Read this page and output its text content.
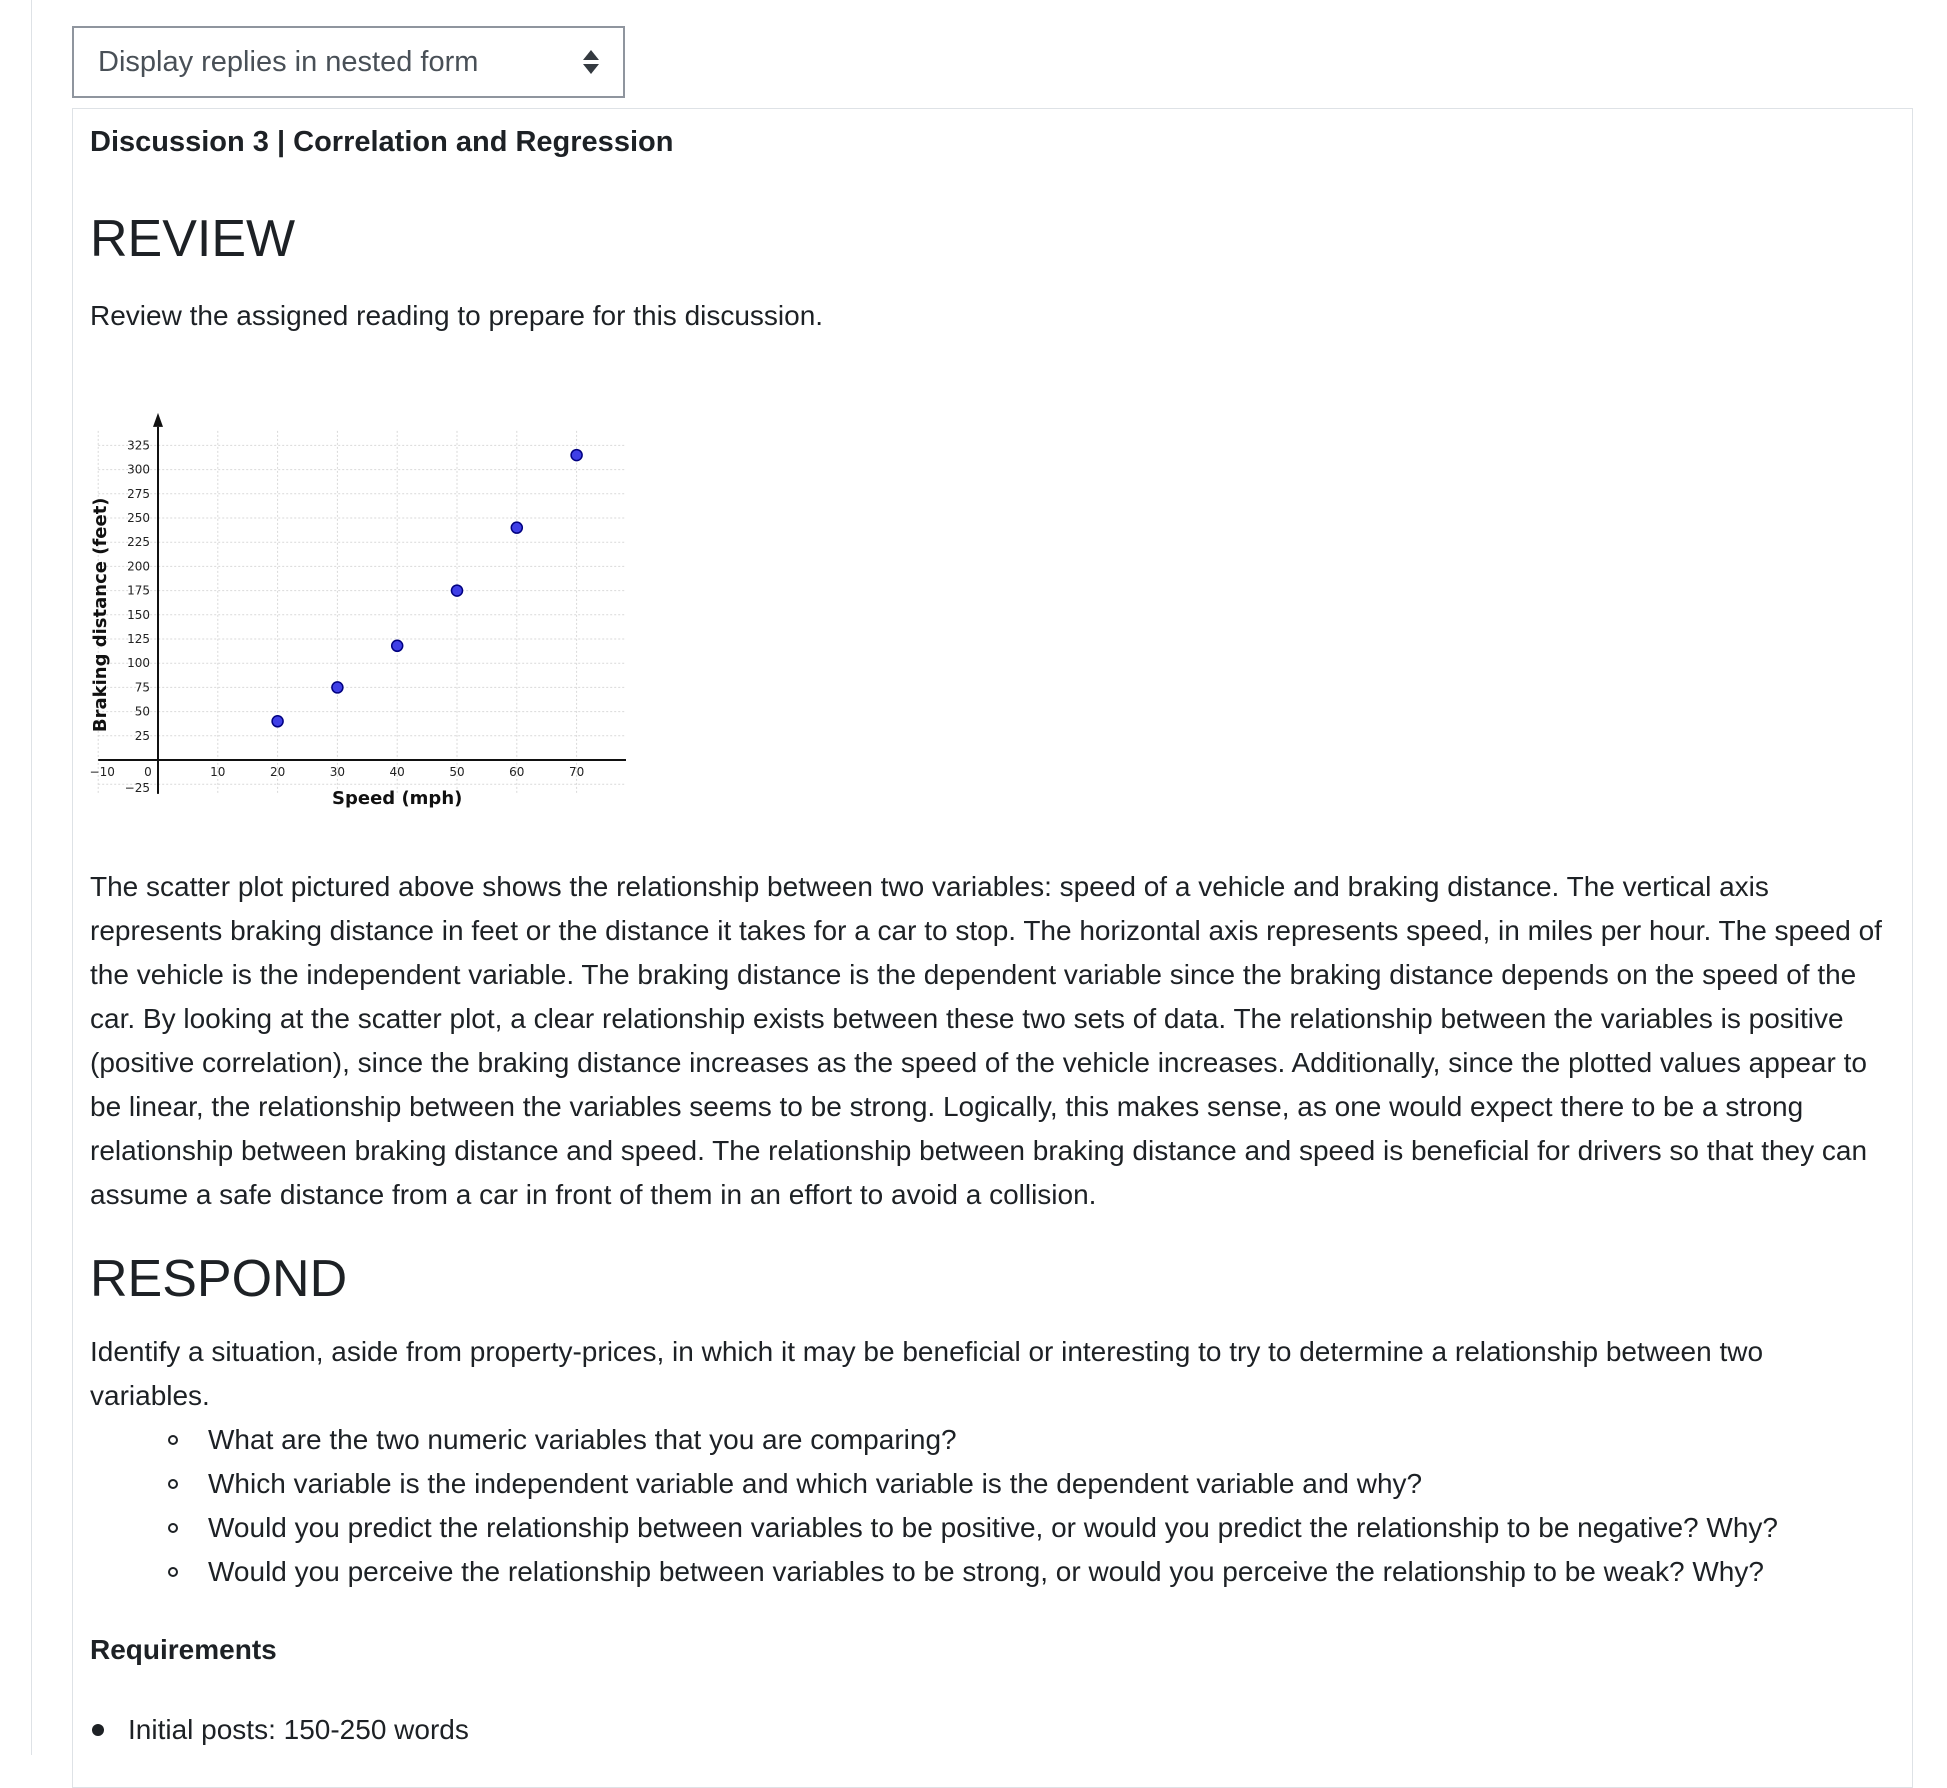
Display replies in nested form
Discussion 3 | Correlation and Regression
REVIEW

Review the assigned reading to prepare for this discussion.

−10 0	10	20	30	40	50	60	70
−25
25
50
75
100
125
150
175
200
225
250
275
300
325
Speed (mph)
Braking distance (feet)

The scatter plot pictured above shows the relationship between two variables: speed of a vehicle and braking distance. The vertical axis represents braking distance in feet or the distance it takes for a car to stop. The horizontal axis represents speed, in miles per hour. The speed of the vehicle is the independent variable. The braking distance is the dependent variable since the braking distance depends on the speed of the car. By looking at the scatter plot, a clear relationship exists between these two sets of data. The relationship between the variables is positive (positive correlation), since the braking distance increases as the speed of the vehicle increases. Additionally, since the plotted values appear to be linear, the relationship between the variables seems to be strong. Logically, this makes sense, as one would expect there to be a strong relationship between braking distance and speed. The relationship between braking distance and speed is beneficial for drivers so that they can assume a safe distance from a car in front of them in an effort to avoid a collision.

RESPOND

Identify a situation, aside from property-prices, in which it may be beneficial or interesting to try to determine a relationship between two variables.

What are the two numeric variables that you are comparing?
Which variable is the independent variable and which variable is the dependent variable and why?
Would you predict the relationship between variables to be positive, or would you predict the relationship to be negative? Why?
Would you perceive the relationship between variables to be strong, or would you perceive the relationship to be weak? Why?
Requirements
Initial posts: 150-250 words
